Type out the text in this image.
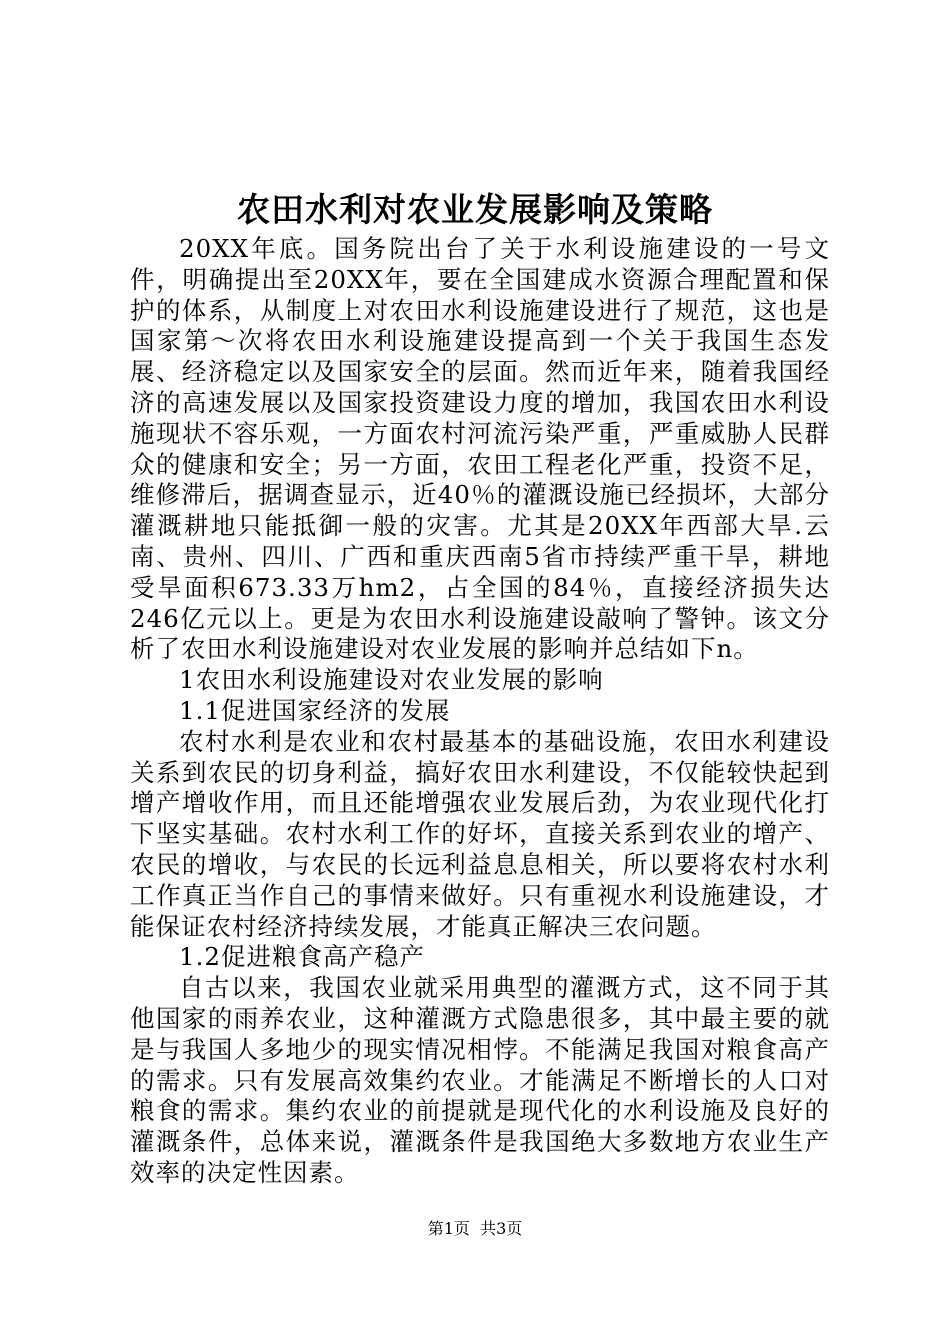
农田水利对农业发展影响及策略

20XX年底。国务院出台了关于水利设施建设的一号文件，明确提出至20XX年，要在全国建成水资源合理配置和保护的体系，从制度上对农田水利设施建设进行了规范，这也是国家第～次将农田水利设施建设提高到一个关于我国生态发展、经济稳定以及国家安全的层面。然而近年来，随着我国经济的高速发展以及国家投资建设力度的增加，我国农田水利设施现状不容乐观，一方面农村河流污染严重，严重威胁人民群众的健康和安全；另一方面，农田工程老化严重，投资不足，维修滞后，据调查显示，近40％的灌溉设施已经损坏，大部分灌溉耕地只能抵御一般的灾害。尤其是20XX年西部大旱.云南、贵州、四川、广西和重庆西南5省市持续严重干旱，耕地受旱面积673.33万hm2，占全国的84％，直接经济损失达246亿元以上。更是为农田水利设施建设敲响了警钟。该文分析了农田水利设施建设对农业发展的影响并总结如下n。

1农田水利设施建设对农业发展的影响

1.1促进国家经济的发展

农村水利是农业和农村最基本的基础设施，农田水利建设关系到农民的切身利益，搞好农田水利建设，不仅能较快起到增产增收作用，而且还能增强农业发展后劲，为农业现代化打下坚实基础。农村水利工作的好坏，直接关系到农业的增产、农民的增收，与农民的长远利益息息相关，所以要将农村水利工作真正当作自己的事情来做好。只有重视水利设施建设，才能保证农村经济持续发展，才能真正解决三农问题。

1.2促进粮食高产稳产

自古以来，我国农业就采用典型的灌溉方式，这不同于其他国家的雨养农业，这种灌溉方式隐患很多，其中最主要的就是与我国人多地少的现实情况相悖。不能满足我国对粮食高产的需求。只有发展高效集约农业。才能满足不断增长的人口对粮食的需求。集约农业的前提就是现代化的水利设施及良好的灌溉条件，总体来说，灌溉条件是我国绝大多数地方农业生产效率的决定性因素。

第1页  共3页
